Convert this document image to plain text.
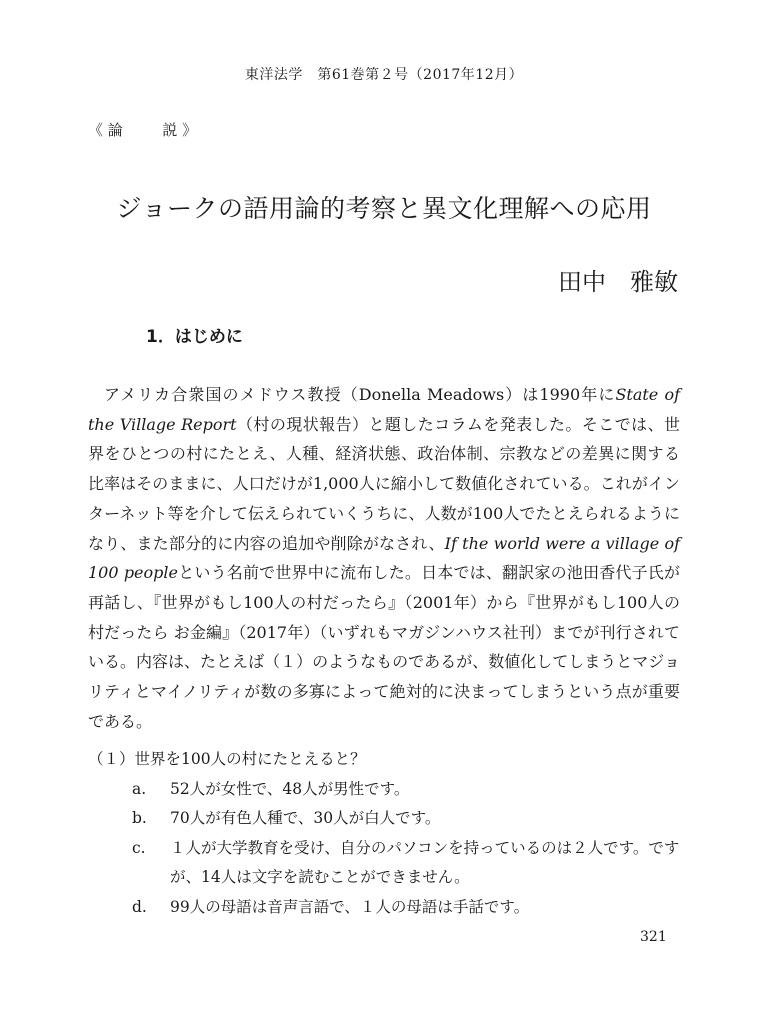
東洋法学　第61巻第２号（2017年12月）
《 論 　　 説 》
ジョークの語用論的考察と異文化理解への応用
田中　雅敏
1．はじめに

アメリカ合衆国のメドウス教授（Donella Meadows）は1990年にState of the Village Report（村の現状報告）と題したコラムを発表した。そこでは、世界をひとつの村にたとえ、人種、経済状態、政治体制、宗教などの差異に関する比率はそのままに、人口だけが1,000人に縮小して数値化されている。これがインターネット等を介して伝えられていくうちに、人数が100人でたとえられるようになり、また部分的に内容の追加や削除がなされ、If the world were a village of 100 peopleという名前で世界中に流布した。日本では、翻訳家の池田香代子氏が再話し、『世界がもし100人の村だったら』（2001年）から『世界がもし100人の村だったら お金編』（2017年）（いずれもマガジンハウス社刊）までが刊行されている。内容は、たとえば（１）のようなものであるが、数値化してしまうとマジョリティとマイノリティが数の多寡によって絶対的に決まってしまうという点が重要である。

（１）世界を100人の村にたとえると？

a.	52人が女性で、48人が男性です。
b.	70人が有色人種で、30人が白人です。
c.	１人が大学教育を受け、自分のパソコンを持っているのは２人です。ですが、14人は文字を読むことができません。
d.	99人の母語は音声言語で、１人の母語は手話です。
321
